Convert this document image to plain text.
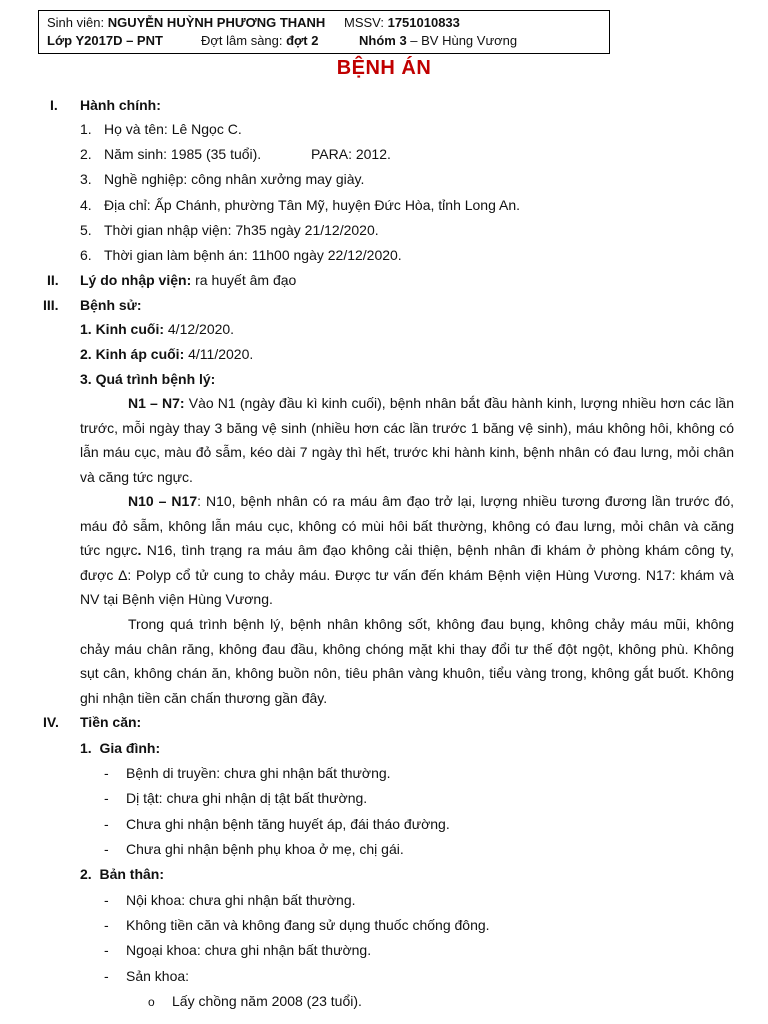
Sinh viên: NGUYỄN HUỲNH PHƯƠNG THANH MSSV: 1751010833
Lớp Y2017D – PNT	Đợt lâm sàng: đợt 2	Nhóm 3 – BV Hùng Vương
BỆNH ÁN
I. Hành chính:
1. Họ và tên: Lê Ngọc C.
2. Năm sinh: 1985 (35 tuổi).	PARA: 2012.
3. Nghề nghiệp: công nhân xưởng may giày.
4. Địa chỉ: Ấp Chánh, phường Tân Mỹ, huyện Đức Hòa, tỉnh Long An.
5. Thời gian nhập viện: 7h35 ngày 21/12/2020.
6. Thời gian làm bệnh án: 11h00 ngày 22/12/2020.
II. Lý do nhập viện: ra huyết âm đạo
III. Bệnh sử:
1. Kinh cuối: 4/12/2020.
2. Kinh áp cuối: 4/11/2020.
3. Quá trình bệnh lý:

N1 – N7: Vào N1 (ngày đầu kì kinh cuối), bệnh nhân bắt đầu hành kinh, lượng nhiều hơn các lần trước, mỗi ngày thay 3 băng vệ sinh (nhiều hơn các lần trước 1 băng vệ sinh), máu không hôi, không có lẫn máu cục, màu đỏ sẫm, kéo dài 7 ngày thì hết, trước khi hành kinh, bệnh nhân có đau lưng, mỏi chân và căng tức ngực.

N10 – N17: N10, bệnh nhân có ra máu âm đạo trở lại, lượng nhiều tương đương lần trước đó, máu đỏ sẫm, không lẫn máu cục, không có mùi hôi bất thường, không có đau lưng, mỏi chân và căng tức ngực. N16, tình trạng ra máu âm đạo không cải thiện, bệnh nhân đi khám ở phòng khám công ty, được Δ: Polyp cổ tử cung to chảy máu. Được tư vấn đến khám Bệnh viện Hùng Vương. N17: khám và NV tại Bệnh viện Hùng Vương.

Trong quá trình bệnh lý, bệnh nhân không sốt, không đau bụng, không chảy máu mũi, không chảy máu chân răng, không đau đầu, không chóng mặt khi thay đổi tư thế đột ngột, không phù. Không sụt cân, không chán ăn, không buồn nôn, tiêu phân vàng khuôn, tiểu vàng trong, không gắt buốt. Không ghi nhận tiền căn chấn thương gần đây.

IV. Tiền căn:
1.  Gia đình:
- Bệnh di truyền: chưa ghi nhận bất thường.
- Dị tật: chưa ghi nhận dị tật bất thường.
- Chưa ghi nhận bệnh tăng huyết áp, đái tháo đường.
- Chưa ghi nhận bệnh phụ khoa ở mẹ, chị gái.
2.  Bản thân:
- Nội khoa: chưa ghi nhận bất thường.
- Không tiền căn và không đang sử dụng thuốc chống đông.
- Ngoại khoa: chưa ghi nhận bất thường.
- Sản khoa:
o Lấy chồng năm 2008 (23 tuổi).
